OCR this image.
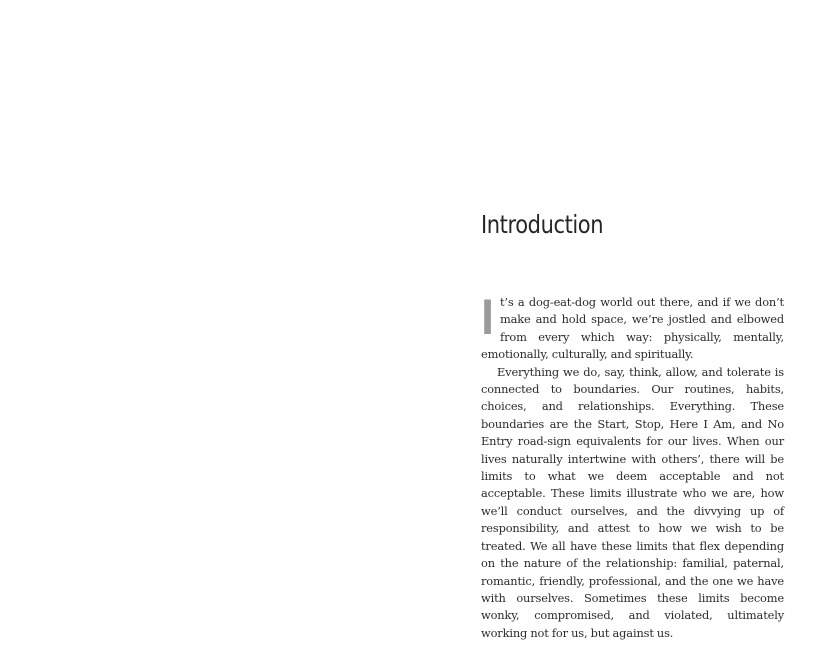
Introduction

It’s a dog-eat-dog world out there, and if we don’t make and hold space, we’re jostled and elbowed from every which way: physically, mentally, emotionally, culturally, and spiritually.

Everything we do, say, think, allow, and tolerate is connected to boundaries. Our routines, habits, choices, and relationships. Everything. These boundaries are the Start, Stop, Here I Am, and No Entry road-sign equivalents for our lives. When our lives naturally intertwine with others’, there will be limits to what we deem acceptable and not acceptable. These limits illustrate who we are, how we’ll conduct ourselves, and the divvying up of responsibility, and attest to how we wish to be treated. We all have these limits that flex depending on the nature of the relationship: familial, paternal, romantic, friendly, professional, and the one we have with ourselves. Sometimes these limits become wonky, compromised, and violated, ultimately working not for us, but against us.
